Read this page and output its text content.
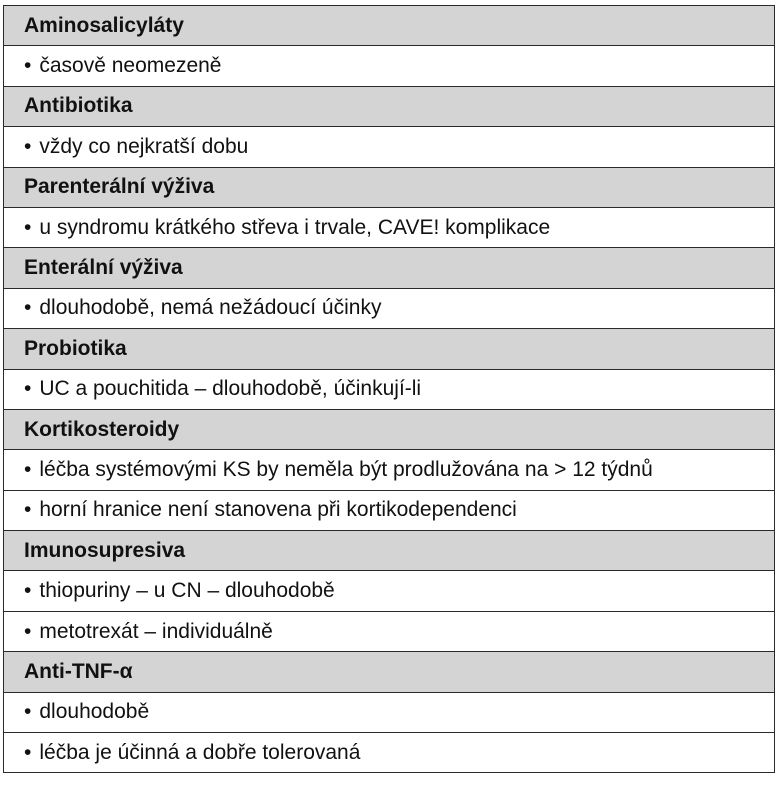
Aminosalicyláty
• časově neomezeně
Antibiotika
• vždy co nejkratší dobu
Parenterální výživa
• u syndromu krátkého střeva i trvale, CAVE! komplikace
Enterální výživa
• dlouhodobě, nemá nežádoucí účinky
Probiotika
• UC a pouchitida – dlouhodobě, účinkují-li
Kortikosteroidy
• léčba systémovými KS by neměla být prodlužována na > 12 týdnů
• horní hranice není stanovena při kortikodependenci
Imunosupresiva
• thiopuriny – u CN – dlouhodobě
• metotrexát – individuálně
Anti-TNF-α
• dlouhodobě
• léčba je účinná a dobře tolerovaná
